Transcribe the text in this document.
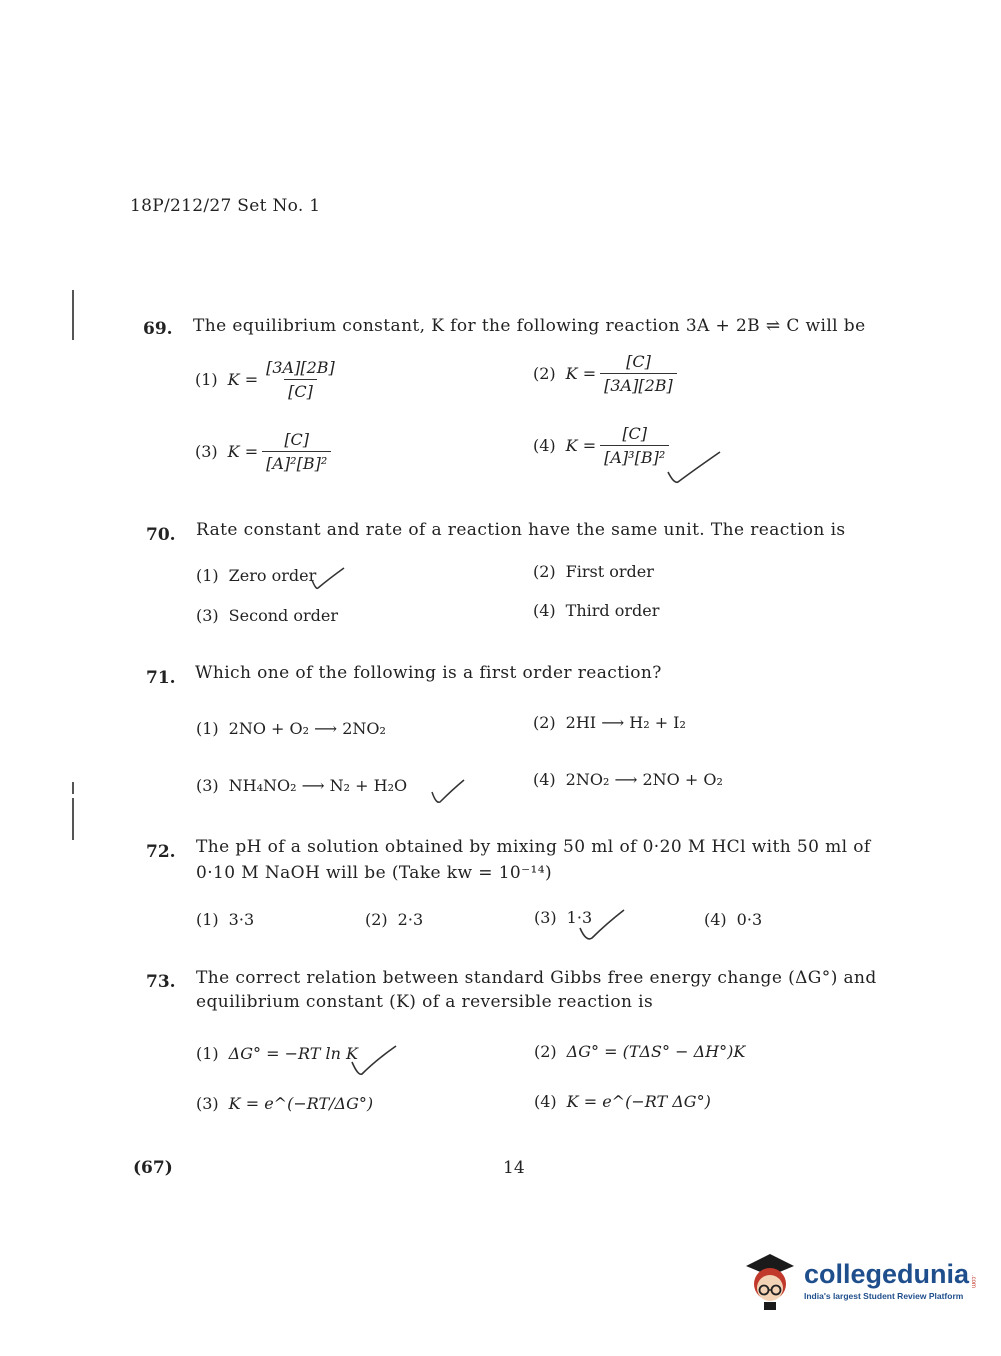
18P/212/27 Set No. 1
69. The equilibrium constant, K for the following reaction 3A + 2B ⇌ C will be
(1) $K = \frac{[3A][2B]}{[C]}$	(2) $K = \frac{[C]}{[3A][2B]}$
(3) $K = \frac{[C]}{\text{[A]²[B]²}}$	(4) $K = \frac{[C]}{\text{[A]³[B]²}}$
70. Rate constant and rate of a reaction have the same unit. The reaction is
(1) Zero order	(2) First order
(3) Second order	(4) Third order
71. Which one of the following is a first order reaction?
(1) 2NO + O₂ ⟶ 2NO₂	(2) 2HI ⟶ H₂ + I₂
(3) NH₄NO₂ ⟶ N₂ + H₂O	(4) 2NO₂ ⟶ 2NO + O₂
72. The pH of a solution obtained by mixing 50 ml of 0·20 M HCl with 50 ml of
0·10 M NaOH will be (Take kw = 10⁻¹⁴)
(1) 3·3	(2) 2·3	(3) 1·3	(4) 0·3
73. The correct relation between standard Gibbs free energy change (ΔG°) and
equilibrium constant (K) of a reversible reaction is
(1) ΔG° = −RT ln K	(2) ΔG° = (TΔS° − ΔH°)K
(3) K = e^(−RT/ΔG°)	(4) K = e^(−RT ΔG°)
(67)	14
collegedunia .com
India's largest Student Review Platform
